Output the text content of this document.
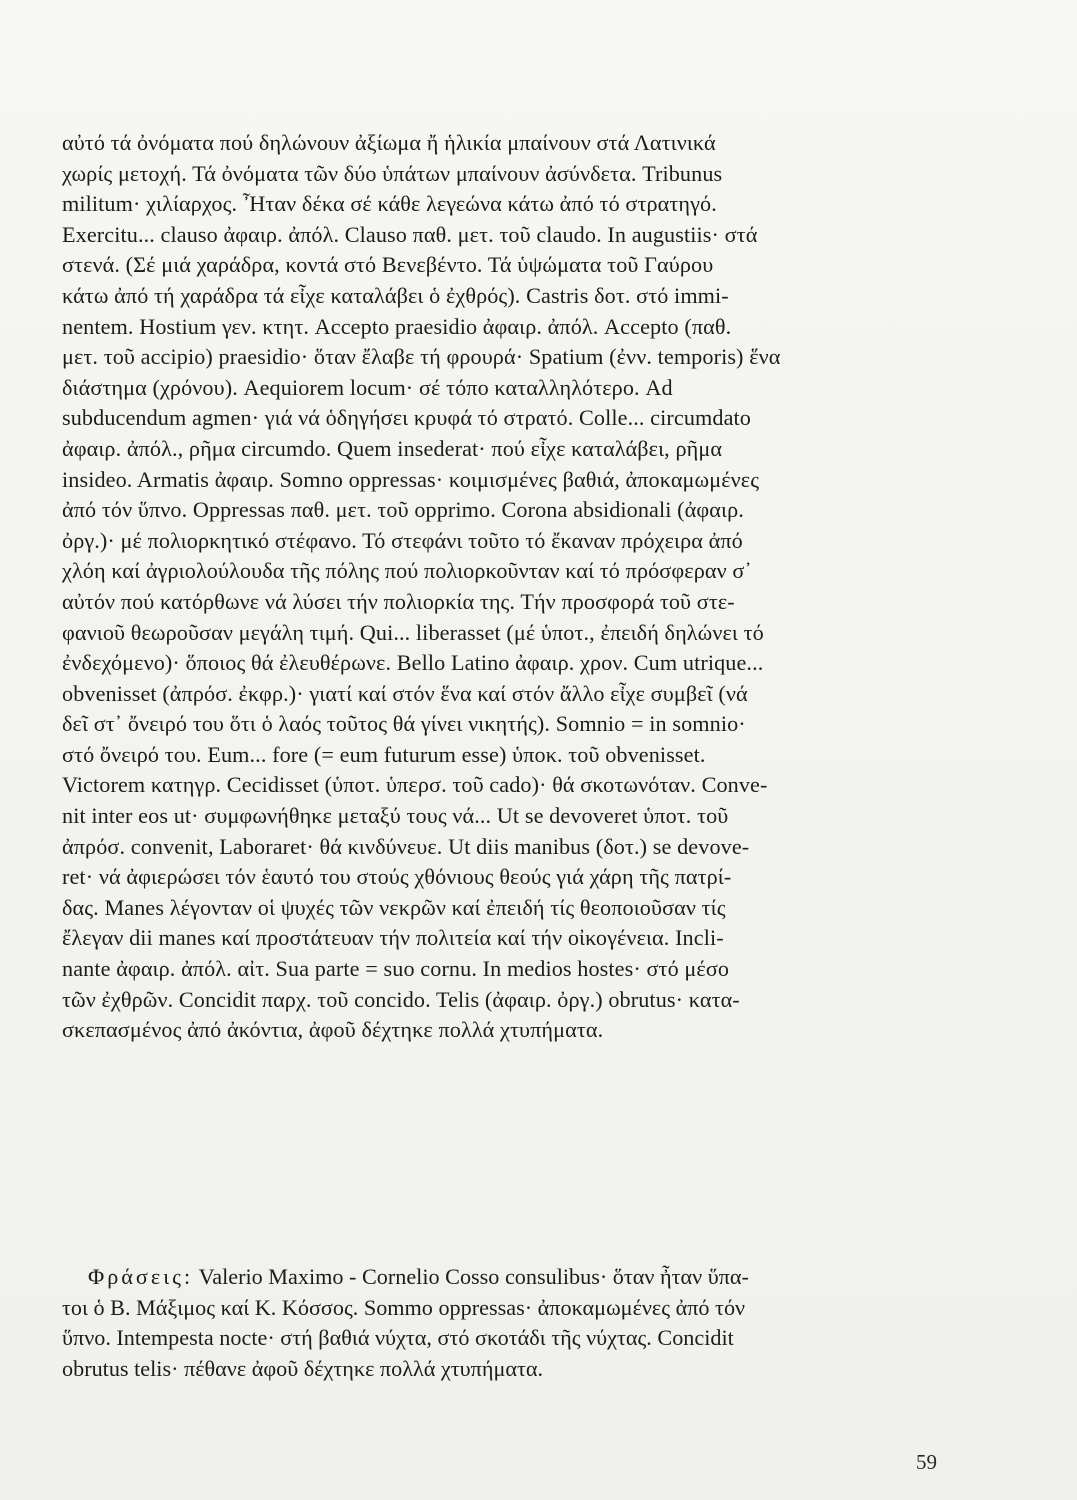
αὐτό τά ὀνόματα πού δηλώνουν ἀξίωμα ἤ ἡλικία μπαίνουν στά Λατινικά
χωρίς μετοχή. Τά ὀνόματα τῶν δύο ὑπάτων μπαίνουν ἀσύνδετα. Tribunus
militum· χιλίαρχος. Ἦταν δέκα σέ κάθε λεγεώνα κάτω ἀπό τό στρατηγό.
Exercitu... clauso ἀφαιρ. ἀπόλ. Clauso παθ. μετ. τοῦ claudo. In augustiis· στά
στενά. (Σέ μιά χαράδρα, κοντά στό Βενεβέντο. Τά ὑψώματα τοῦ Γαύρου
κάτω ἀπό τή χαράδρα τά εἶχε καταλάβει ὁ ἐχθρός). Castris δοτ. στό immi-
nentem. Hostium γεν. κτητ. Accepto praesidio ἀφαιρ. ἀπόλ. Accepto (παθ.
μετ. τοῦ accipio) praesidio· ὅταν ἔλαβε τή φρουρά· Spatium (ἐνν. temporis) ἕνα
διάστημα (χρόνου). Aequiorem locum· σέ τόπο καταλληλότερο. Ad
subducendum agmen· γιά νά ὁδηγήσει κρυφά τό στρατό. Colle... circumdato
ἀφαιρ. ἀπόλ., ρῆμα circumdo. Quem insederat· πού εἶχε καταλάβει, ρῆμα
insideo. Armatis ἀφαιρ. Somno oppressas· κοιμισμένες βαθιά, ἀποκαμωμένες
ἀπό τόν ὕπνο. Oppressas παθ. μετ. τοῦ opprimo. Corona absidionali (ἀφαιρ.
ὀργ.)· μέ πολιορκητικό στέφανο. Τό στεφάνι τοῦτο τό ἔκαναν πρόχειρα ἀπό
χλόη καί ἀγριολούλουδα τῆς πόλης πού πολιορκοῦνταν καί τό πρόσφεραν σ᾽
αὐτόν πού κατόρθωνε νά λύσει τήν πολιορκία της. Τήν προσφορά τοῦ στε-
φανιοῦ θεωροῦσαν μεγάλη τιμή. Qui... liberasset (μέ ὑποτ., ἐπειδή δηλώνει τό
ἐνδεχόμενο)· ὅποιος θά ἐλευθέρωνε. Bello Latino ἀφαιρ. χρον. Cum utrique...
obvenisset (ἀπρόσ. ἐκφρ.)· γιατί καί στόν ἕνα καί στόν ἄλλο εἶχε συμβεῖ (νά
δεῖ στ᾽ ὄνειρό του ὅτι ὁ λαός τοῦτος θά γίνει νικητής). Somnio = in somnio·
στό ὄνειρό του. Eum... fore (= eum futurum esse) ὑποκ. τοῦ obvenisset.
Victorem κατηγρ. Cecidisset (ὑποτ. ὑπερσ. τοῦ cado)· θά σκοτωνόταν. Conve-
nit inter eos ut· συμφωνήθηκε μεταξύ τους νά... Ut se devoveret ὑποτ. τοῦ
ἀπρόσ. convenit, Laboraret· θά κινδύνευε. Ut diis manibus (δοτ.) se devove-
ret· νά ἀφιερώσει τόν ἑαυτό του στούς χθόνιους θεούς γιά χάρη τῆς πατρί-
δας. Manes λέγονταν οἱ ψυχές τῶν νεκρῶν καί ἐπειδή τίς θεοποιοῦσαν τίς
ἔλεγαν dii manes καί προστάτευαν τήν πολιτεία καί τήν οἰκογένεια. Incli-
nante ἀφαιρ. ἀπόλ. αἰτ. Sua parte = suo cornu. In medios hostes· στό μέσο
τῶν ἐχθρῶν. Concidit παρχ. τοῦ concido. Telis (ἀφαιρ. ὀργ.) obrutus· κατα-
σκεπασμένος ἀπό ἀκόντια, ἀφοῦ δέχτηκε πολλά χτυπήματα.
Φράσεις: Valerio Maximo - Cornelio Cosso consulibus· ὅταν ἦταν ὕπα-
τοι ὁ Β. Μάξιμος καί Κ. Κόσσος. Sommo oppressas· ἀποκαμωμένες ἀπό τόν
ὕπνο. Intempesta nocte· στή βαθιά νύχτα, στό σκοτάδι τῆς νύχτας. Concidit
obrutus telis· πέθανε ἀφοῦ δέχτηκε πολλά χτυπήματα.
59
